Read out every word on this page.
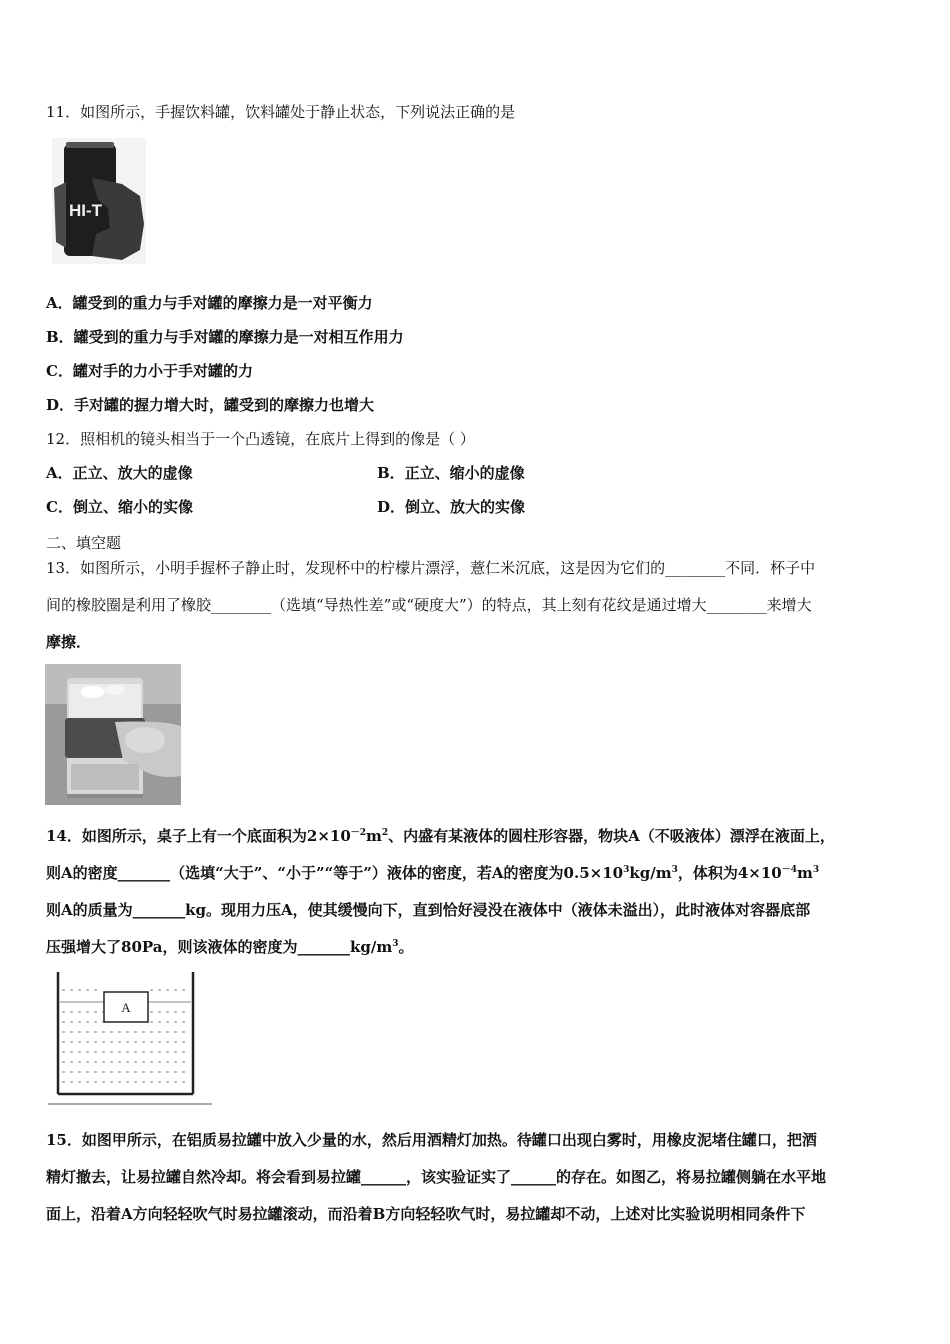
11．如图所示，手握饮料罐，饮料罐处于静止状态，下列说法正确的是
HI-T
A．罐受到的重力与手对罐的摩擦力是一对平衡力
B．罐受到的重力与手对罐的摩擦力是一对相互作用力
C．罐对手的力小于手对罐的力
D．手对罐的握力增大时，罐受到的摩擦力也增大
12．照相机的镜头相当于一个凸透镜，在底片上得到的像是（ ）
A．正立、放大的虚像	B．正立、缩小的虚像
C．倒立、缩小的实像	D．倒立、放大的实像
二、填空题
13．如图所示，小明手握杯子静止时，发现杯中的柠檬片漂浮，薏仁米沉底，这是因为它们的________不同．杯子中
间的橡胶圈是利用了橡胶________（选填“导热性差”或“硬度大”）的特点，其上刻有花纹是通过增大________来增大
摩擦．
14．如图所示，桌子上有一个底面积为$2\times 10^{-2}m^2$、内盛有某液体的圆柱形容器，物块A（不吸液体）漂浮在液面上，
则A的密度_______（选填“大于”、“小于”“等于”）液体的密度，若A的密度为$0.5\times 10^3kg/m^3$，体积为$4\times 10^{-4}m^3$
则A的质量为_______kg。现用力压A，使其缓慢向下，直到恰好浸没在液体中（液体未溢出），此时液体对容器底部
压强增大了80Pa，则该液体的密度为$\_\_\_\_\_\_\_kg/m^3$。
A
15．如图甲所示，在铝质易拉罐中放入少量的水，然后用酒精灯加热。待罐口出现白雾时，用橡皮泥堵住罐口，把酒
精灯撤去，让易拉罐自然冷却。将会看到易拉罐______，该实验证实了______的存在。如图乙，将易拉罐侧躺在水平地
面上，沿着A方向轻轻吹气时易拉罐滚动，而沿着B方向轻轻吹气时，易拉罐却不动，上述对比实验说明相同条件下
